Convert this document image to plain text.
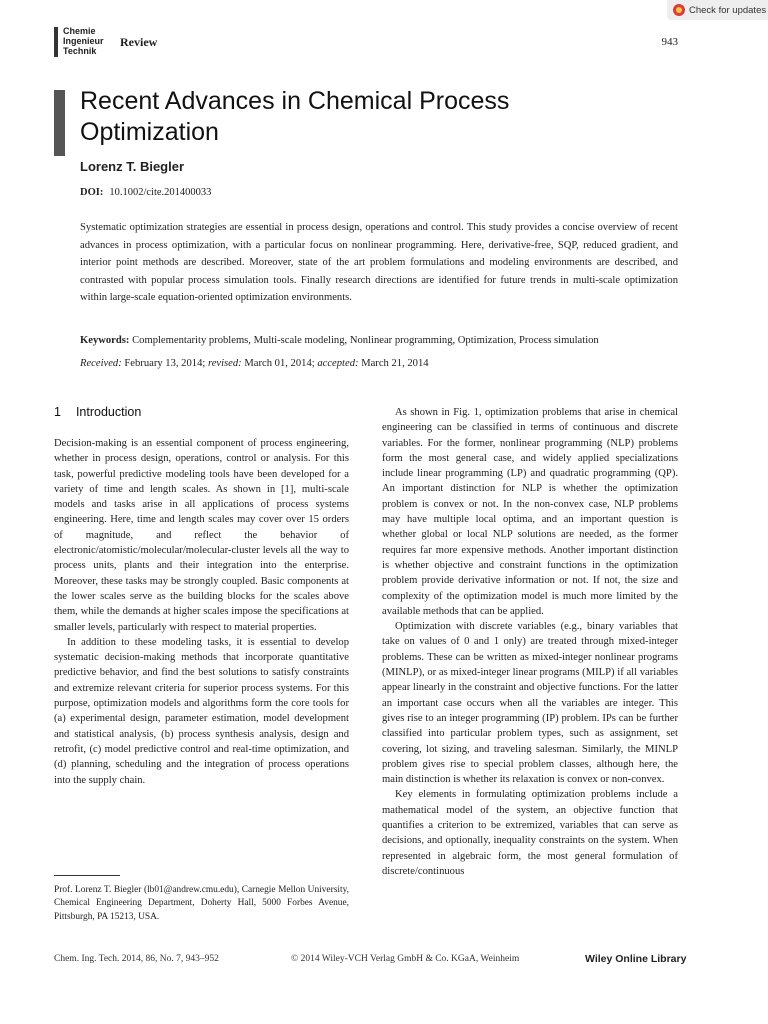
Check for updates
Chemie
Ingenieur
Technik
Review	943
Recent Advances in Chemical Process Optimization
Lorenz T. Biegler
DOI: 10.1002/cite.201400033

Systematic optimization strategies are essential in process design, operations and control. This study provides a concise overview of recent advances in process optimization, with a particular focus on nonlinear programming. Here, derivative-free, SQP, reduced gradient, and interior point methods are described. Moreover, state of the art problem formulations and modeling environments are described, and contrasted with popular process simulation tools. Finally research directions are identified for future trends in multi-scale optimization within large-scale equation-oriented optimization environments.

Keywords: Complementarity problems, Multi-scale modeling, Nonlinear programming, Optimization, Process simulation
Received: February 13, 2014; revised: March 01, 2014; accepted: March 21, 2014
1 Introduction

Decision-making is an essential component of process engineering, whether in process design, operations, control or analysis. For this task, powerful predictive modeling tools have been developed for a variety of time and length scales. As shown in [1], multi-scale models and tasks arise in all applications of process systems engineering. Here, time and length scales may cover over 15 orders of magnitude, and reflect the behavior of electronic/atomistic/molecular/molecular-cluster levels all the way to process units, plants and their integration into the enterprise. Moreover, these tasks may be strongly coupled. Basic components at the lower scales serve as the building blocks for the scales above them, while the demands at higher scales impose the specifications at smaller levels, particularly with respect to material properties.

In addition to these modeling tasks, it is essential to develop systematic decision-making methods that incorporate quantitative predictive behavior, and find the best solutions to satisfy constraints and extremize relevant criteria for superior process systems. For this purpose, optimization models and algorithms form the core tools for (a) experimental design, parameter estimation, model development and statistical analysis, (b) process synthesis analysis, design and retrofit, (c) model predictive control and real-time optimization, and (d) planning, scheduling and the integration of process operations into the supply chain.

As shown in Fig. 1, optimization problems that arise in chemical engineering can be classified in terms of continuous and discrete variables. For the former, nonlinear programming (NLP) problems form the most general case, and widely applied specializations include linear programming (LP) and quadratic programming (QP). An important distinction for NLP is whether the optimization problem is convex or not. In the non-convex case, NLP problems may have multiple local optima, and an important question is whether global or local NLP solutions are needed, as the former requires far more expensive methods. Another important distinction is whether objective and constraint functions in the optimization problem provide derivative information or not. If not, the size and complexity of the optimization model is much more limited by the available methods that can be applied.

Optimization with discrete variables (e.g., binary variables that take on values of 0 and 1 only) are treated through mixed-integer problems. These can be written as mixed-integer nonlinear programs (MINLP), or as mixed-integer linear programs (MILP) if all variables appear linearly in the constraint and objective functions. For the latter an important case occurs when all the variables are integer. This gives rise to an integer programming (IP) problem. IPs can be further classified into particular problem types, such as assignment, set covering, lot sizing, and traveling salesman. Similarly, the MINLP problem gives rise to special problem classes, although here, the main distinction is whether its relaxation is convex or non-convex.

Key elements in formulating optimization problems include a mathematical model of the system, an objective function that quantifies a criterion to be extremized, variables that can serve as decisions, and optionally, inequality constraints on the system. When represented in algebraic form, the most general formulation of discrete/continuous

Prof. Lorenz T. Biegler (lb01@andrew.cmu.edu), Carnegie Mellon University, Chemical Engineering Department, Doherty Hall, 5000 Forbes Avenue, Pittsburgh, PA 15213, USA.
Chem. Ing. Tech. 2014, 86, No. 7, 943–952	© 2014 Wiley-VCH Verlag GmbH & Co. KGaA, Weinheim	Wiley Online Library
